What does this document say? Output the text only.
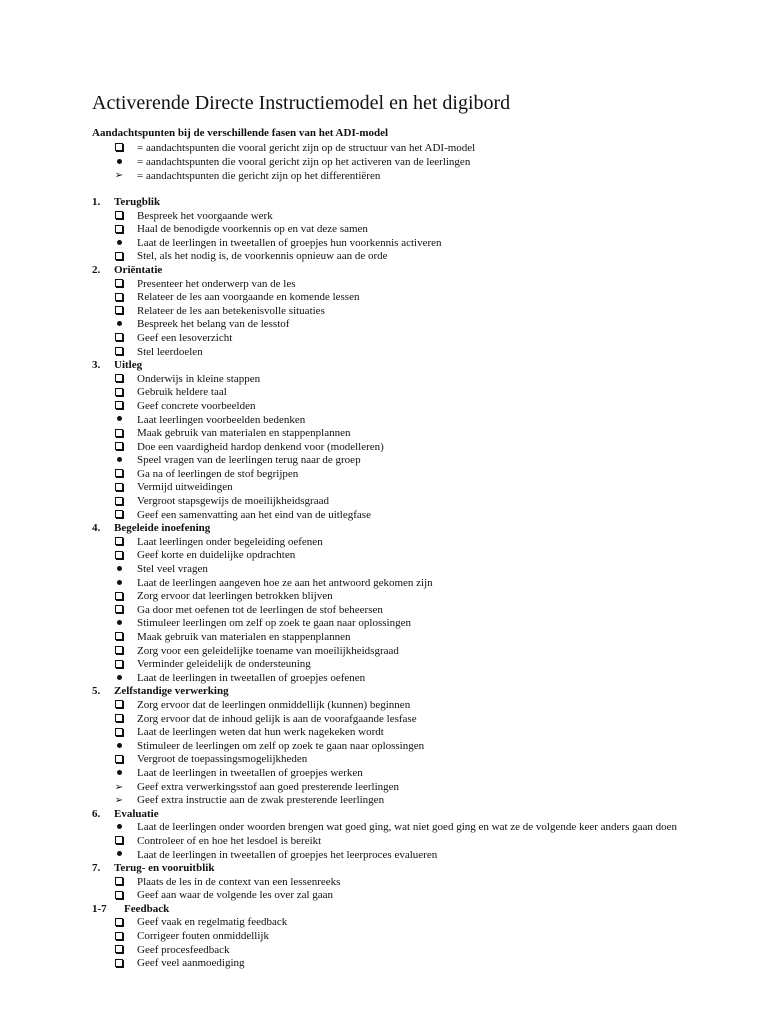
Activerende Directe Instructiemodel en het digibord

Aandachtspunten bij de verschillende fasen van het ADI-model

= aandachtspunten die vooral gericht zijn op de structuur van het ADI-model
= aandachtspunten die vooral gericht zijn op het activeren van de leerlingen
➢ = aandachtspunten die gericht zijn op het differentiëren
1. Terugblik
Bespreek het voorgaande werk
Haal de benodigde voorkennis op en vat deze samen
Laat de leerlingen in tweetallen of groepjes hun voorkennis activeren
Stel, als het nodig is, de voorkennis opnieuw aan de orde
2. Oriëntatie
Presenteer het onderwerp van de les
Relateer de les aan voorgaande en komende lessen
Relateer de les aan betekenisvolle situaties
Bespreek het belang van de lesstof
Geef een lesoverzicht
Stel leerdoelen
3. Uitleg
Onderwijs in kleine stappen
Gebruik heldere taal
Geef concrete voorbeelden
Laat leerlingen voorbeelden bedenken
Maak gebruik van materialen en stappenplannen
Doe een vaardigheid hardop denkend voor (modelleren)
Speel vragen van de leerlingen terug naar de groep
Ga na of leerlingen de stof begrijpen
Vermijd uitweidingen
Vergroot stapsgewijs de moeilijkheidsgraad
Geef een samenvatting aan het eind van de uitlegfase
4. Begeleide inoefening
Laat leerlingen onder begeleiding oefenen
Geef korte en duidelijke opdrachten
Stel veel vragen
Laat de leerlingen aangeven hoe ze aan het antwoord gekomen zijn
Zorg ervoor dat leerlingen betrokken blijven
Ga door met oefenen tot de leerlingen de stof beheersen
Stimuleer leerlingen om zelf op zoek te gaan naar oplossingen
Maak gebruik van materialen en stappenplannen
Zorg voor een geleidelijke toename van moeilijkheidsgraad
Verminder geleidelijk de ondersteuning
Laat de leerlingen in tweetallen of groepjes oefenen
5. Zelfstandige verwerking
Zorg ervoor dat de leerlingen onmiddellijk (kunnen) beginnen
Zorg ervoor dat de inhoud gelijk is aan de voorafgaande lesfase
Laat de leerlingen weten dat hun werk nagekeken wordt
Stimuleer de leerlingen om zelf op zoek te gaan naar oplossingen
Vergroot de toepassingsmogelijkheden
Laat de leerlingen in tweetallen of groepjes werken
➢	Geef extra verwerkingsstof aan goed presterende leerlingen
➢	Geef extra instructie aan de zwak presterende leerlingen
6. Evaluatie
Laat de leerlingen onder woorden brengen wat goed ging, wat niet goed ging en wat ze de volgende keer anders gaan doen
Controleer of en hoe het lesdoel is bereikt
Laat de leerlingen in tweetallen of groepjes het leerproces evalueren
7. Terug- en vooruitblik
Plaats de les in de context van een lessenreeks
Geef aan waar de volgende les over zal gaan
1-7 Feedback
Geef vaak en regelmatig feedback
Corrigeer fouten onmiddellijk
Geef procesfeedback
Geef veel aanmoediging
